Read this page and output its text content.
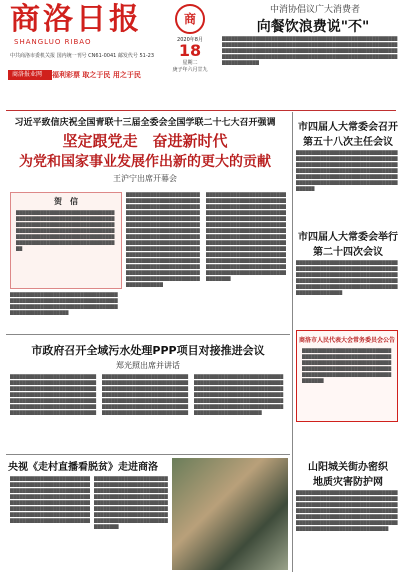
商洛日报
SHANGLUO RIBAO
中共商洛市委机关报 国内统一刊号 CN61-0041 邮发代号 51-23
商洛报业网	福利彩票 取之于民 用之于民
商
2020年8月
18
星期二
庚子年六月廿九
中消协倡议广大消费者
向餐饮浪费说"不"
████████████████████████████████████████████████████████████████████████████████████████████████████████████████████████████████████████████████████████████████████████████████████████████████████████████████████████████████████████████████
习近平致信庆祝全国青联十三届全委会全国学联二十七大召开强调
坚定跟党走　奋进新时代
为党和国家事业发展作出新的更大的贡献
王沪宁出席开幕会
贺　信
██████████████████████████████████████████████████████████████████████████████████████████████████████████████████████████████████████████████████████████████████████████████████████████████████
████████████████████████████████████████████████████████████████████████████████████████████████████████████████████████████
████████████████████████████████████████████████████████████████████████████████████████████████████████████████████████████████████████████████████████████████████████████████████████████████████████████████████████████████████████████████████████████████████████████████████████████████████████████████████████████████████████████████████████████████████████████████████
████████████████████████████████████████████████████████████████████████████████████████████████████████████████████████████████████████████████████████████████████████████████████████████████████████████████████████████████████████████████████████████████████████████████████████████████████████████████████████████████████████████████████████████████████████████████████
市四届人大常委会召开
第五十八次主任会议
████████████████████████████████████████████████████████████████████████████████████████████████████████████████████████████████████████████████████████████████████████████████████████████████████████████
市四届人大常委会举行
第二十四次会议
████████████████████████████████████████████████████████████████████████████████████████████████████████████████████████████████████████████████████████████████████████████████████
商洛市人民代表大会常务委员会公告
████████████████████████████████████████████████████████████████████████████████████████████████████████████████████████████████████████████████████████
山阳城关街办密织
地质灾害防护网
████████████████████████████████████████████████████████████████████████████████████████████████████████████████████████████████████████████████████████████████████████████████████████████████████████████████████████████████████
市政府召开全域污水处理PPP项目对接推进会议
郑光照出席并讲话
████████████████████████████████████████████████████████████████████████████████████████████████████████████████████████████████████████████████████████████████████████████████████████████████████
████████████████████████████████████████████████████████████████████████████████████████████████████████████████████████████████████████████████████████████████████████████████████████████████████
████████████████████████████████████████████████████████████████████████████████████████████████████████████████████████████████████████████████████████████████████████████████████████████████████
央视《走村直播看脱贫》走进商洛
████████████████████████████████████████████████████████████████████████████████████████████████████████████████████████████████████████████████████████████████████████████████████████████████████████████████
████████████████████████████████████████████████████████████████████████████████████████████████████████████████████████████████████████████████████████████████████████████████████████████████████████
